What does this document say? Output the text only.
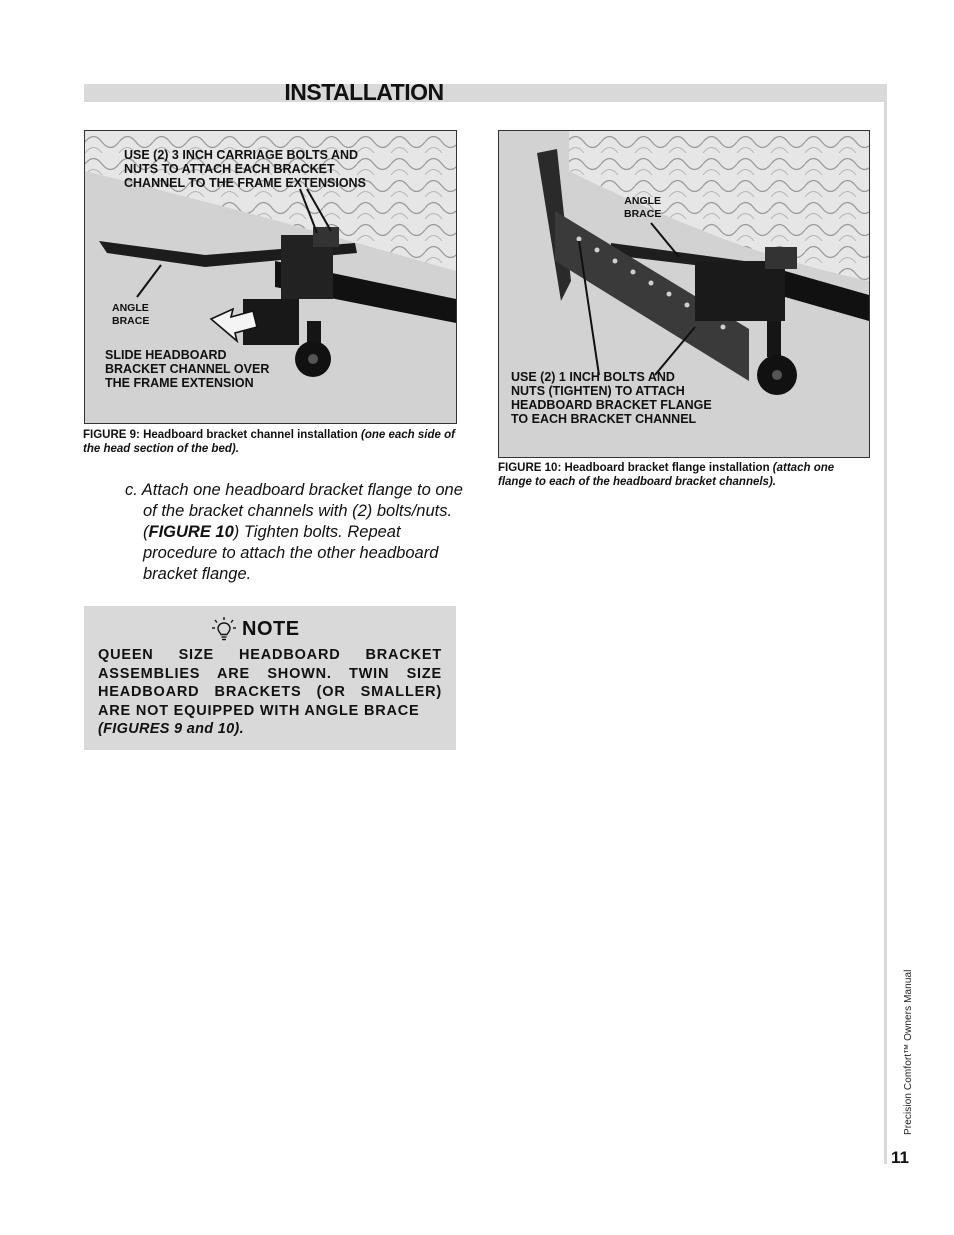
INSTALLATION

USE (2) 3 INCH CARRIAGE BOLTS AND
NUTS TO ATTACH EACH BRACKET
CHANNEL TO THE FRAME EXTENSIONS

ANGLE
BRACE

SLIDE HEADBOARD
BRACKET CHANNEL OVER
THE FRAME EXTENSION

FIGURE 9: Headboard bracket channel installation (one each side of the head section of the bed).

ANGLE
BRACE

USE (2) 1 INCH BOLTS AND
NUTS (TIGHTEN) TO ATTACH
HEADBOARD BRACKET FLANGE
TO EACH BRACKET CHANNEL

FIGURE 10: Headboard bracket flange installation (attach one flange to each of the headboard bracket channels).

c. Attach one headboard bracket flange to one of the bracket channels with (2) bolts/nuts. (FIGURE 10) Tighten bolts. Repeat procedure to attach the other headboard bracket flange.

NOTE

QUEEN SIZE HEADBOARD BRACKET ASSEMBLIES ARE SHOWN. TWIN SIZE HEADBOARD BRACKETS (OR SMALLER) ARE NOT EQUIPPED WITH ANGLE BRACE
(FIGURES 9 and 10).

Precision Comfort™ Owners Manual
11
